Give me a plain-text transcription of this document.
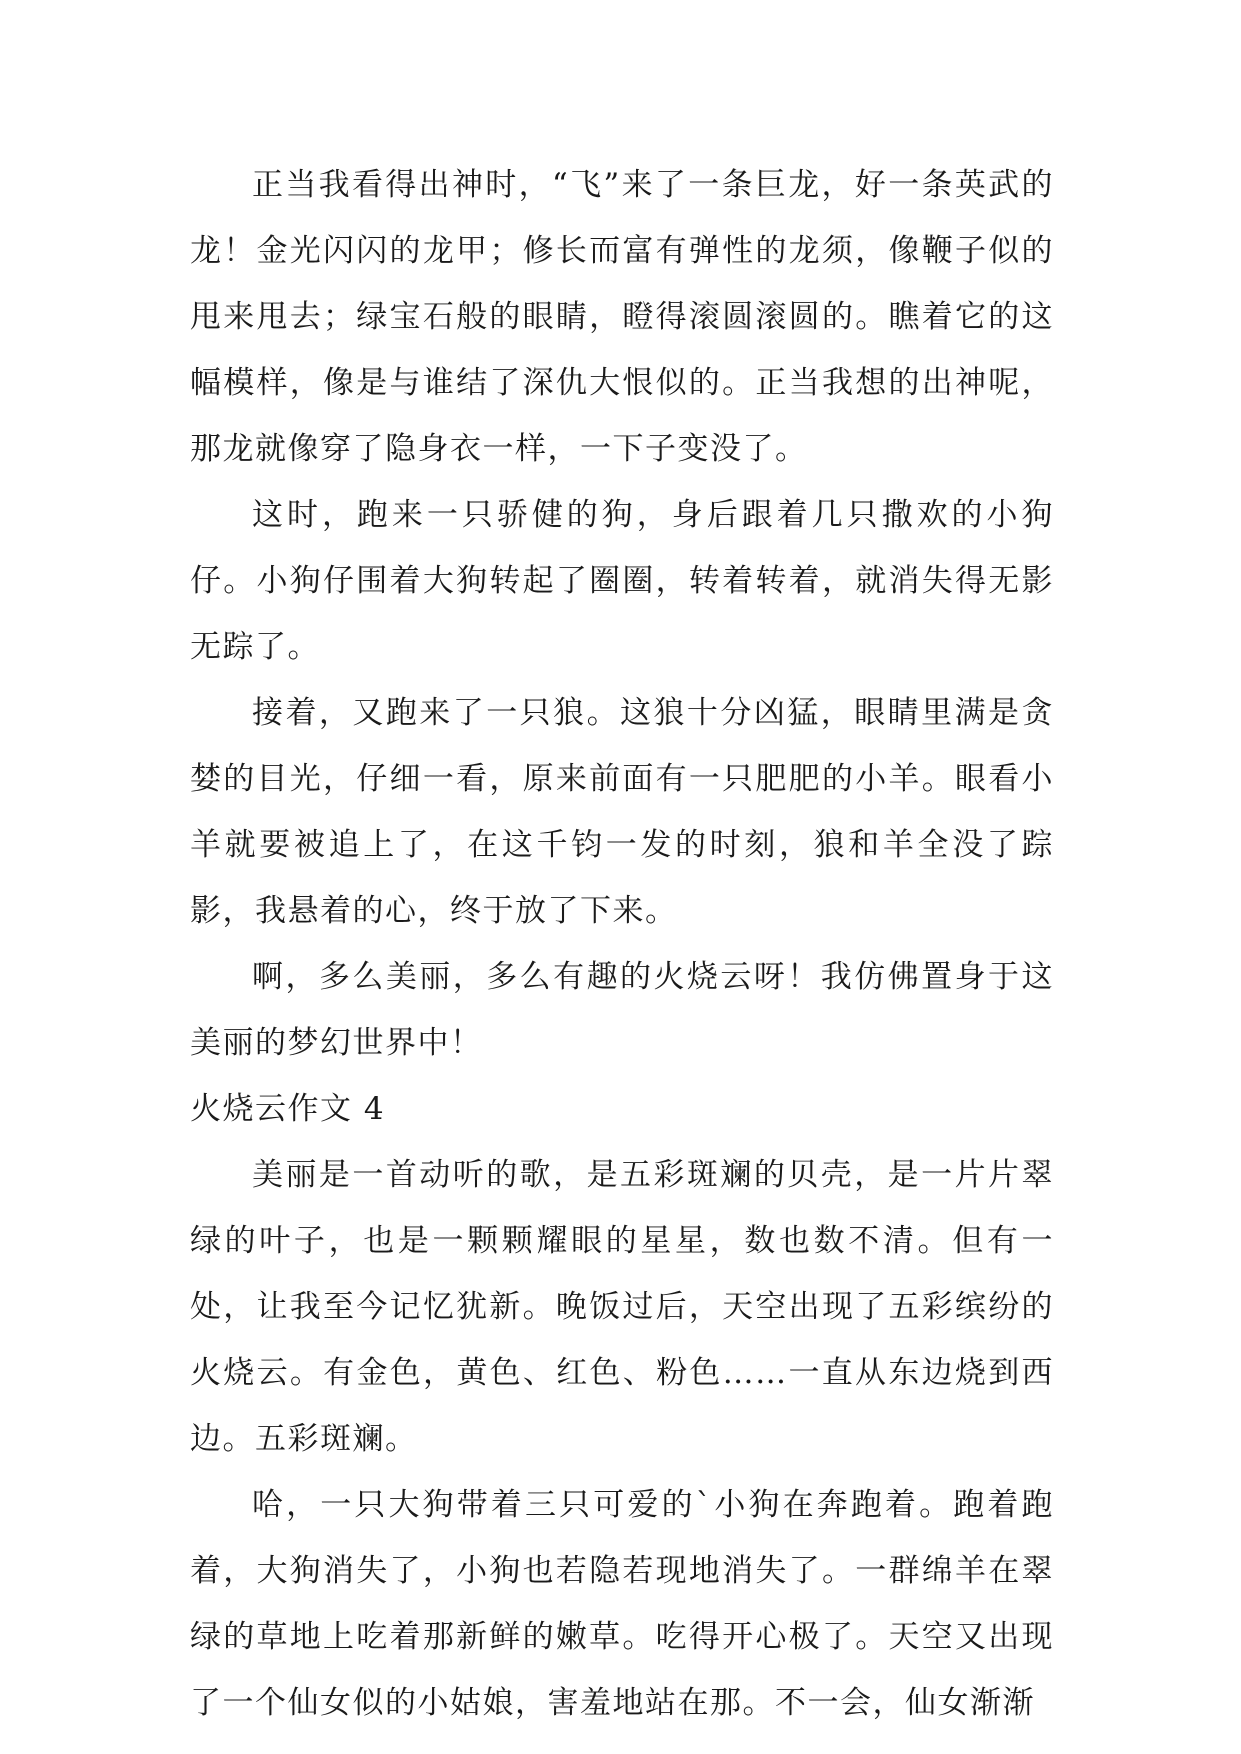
正当我看得出神时，“飞”来了一条巨龙，好一条英武的龙！金光闪闪的龙甲；修长而富有弹性的龙须，像鞭子似的甩来甩去；绿宝石般的眼睛，瞪得滚圆滚圆的。瞧着它的这幅模样，像是与谁结了深仇大恨似的。正当我想的出神呢，那龙就像穿了隐身衣一样，一下子变没了。

这时，跑来一只骄健的狗，身后跟着几只撒欢的小狗仔。小狗仔围着大狗转起了圈圈，转着转着，就消失得无影无踪了。

接着，又跑来了一只狼。这狼十分凶猛，眼睛里满是贪婪的目光，仔细一看，原来前面有一只肥肥的小羊。眼看小羊就要被追上了，在这千钧一发的时刻，狼和羊全没了踪影，我悬着的心，终于放了下来。

啊，多么美丽，多么有趣的火烧云呀！我仿佛置身于这美丽的梦幻世界中！

火烧云作文 4

美丽是一首动听的歌，是五彩斑斓的贝壳，是一片片翠绿的叶子，也是一颗颗耀眼的星星，数也数不清。但有一处，让我至今记忆犹新。晚饭过后，天空出现了五彩缤纷的火烧云。有金色，黄色、红色、粉色……一直从东边烧到西边。五彩斑斓。

哈，一只大狗带着三只可爱的`小狗在奔跑着。跑着跑着，大狗消失了，小狗也若隐若现地消失了。一群绵羊在翠绿的草地上吃着那新鲜的嫩草。吃得开心极了。天空又出现了一个仙女似的小姑娘，害羞地站在那。不一会，仙女渐渐
